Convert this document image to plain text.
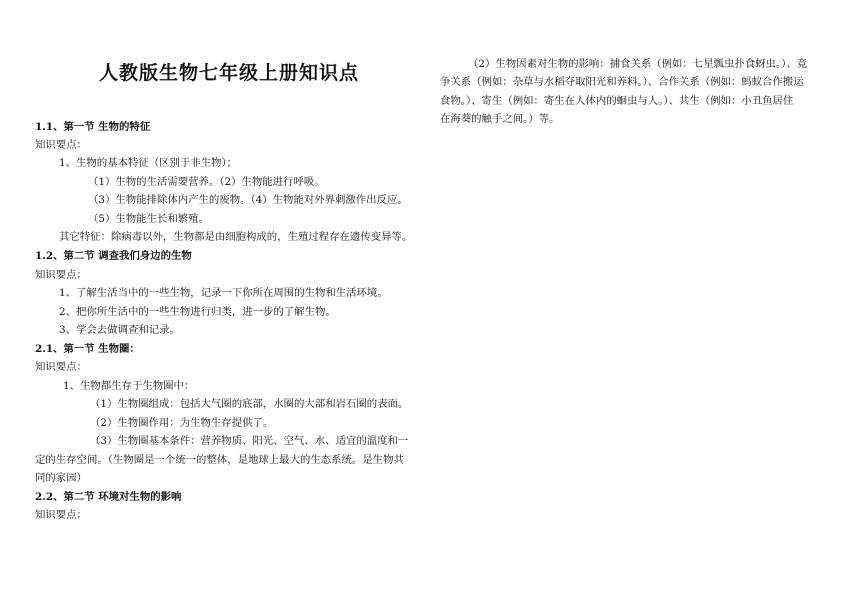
人教版生物七年级上册知识点
1.1、第一节 生物的特征
知识要点：
1、生物的基本特征（区别于非生物）；
（1）生物的生活需要营养。（2）生物能进行呼吸。
（3）生物能排除体内产生的废物。（4）生物能对外界刺激作出反应。
（5）生物能生长和繁殖。
其它特征：除病毒以外，生物都是由细胞构成的，生殖过程存在遗传变异等。
1.2、第二节 调查我们身边的生物
知识要点：
1、了解生活当中的一些生物，记录一下你所在周围的生物和生活环境。
2、把你所生活中的一些生物进行归类，进一步的了解生物。
3、学会去做调查和记录。
2.1、第一节 生物圈：
知识要点：
1、生物都生存于生物圈中：
（1）生物圈组成：包括大气圈的底部，水圈的大部和岩石圈的表面。
（2）生物圈作用：为生物生存提供了。
（3）生物圈基本条件：营养物质、阳光、空气、水、适宜的温度和一
定的生存空间。（生物圈是一个统一的整体，是地球上最大的生态系统。是生物共
同的家园）
2.2、第二节 环境对生物的影响
知识要点：
（2）生物因素对生物的影响：捕食关系（例如：七星瓢虫扑食蚜虫。）、竞
争关系（例如：杂草与水稻夺取阳光和养料。）、合作关系（例如：蚂蚁合作搬运
食物。）、寄生（例如：寄生在人体内的蛔虫与人。）、共生（例如：小丑鱼居住
在海葵的触手之间。）等。
